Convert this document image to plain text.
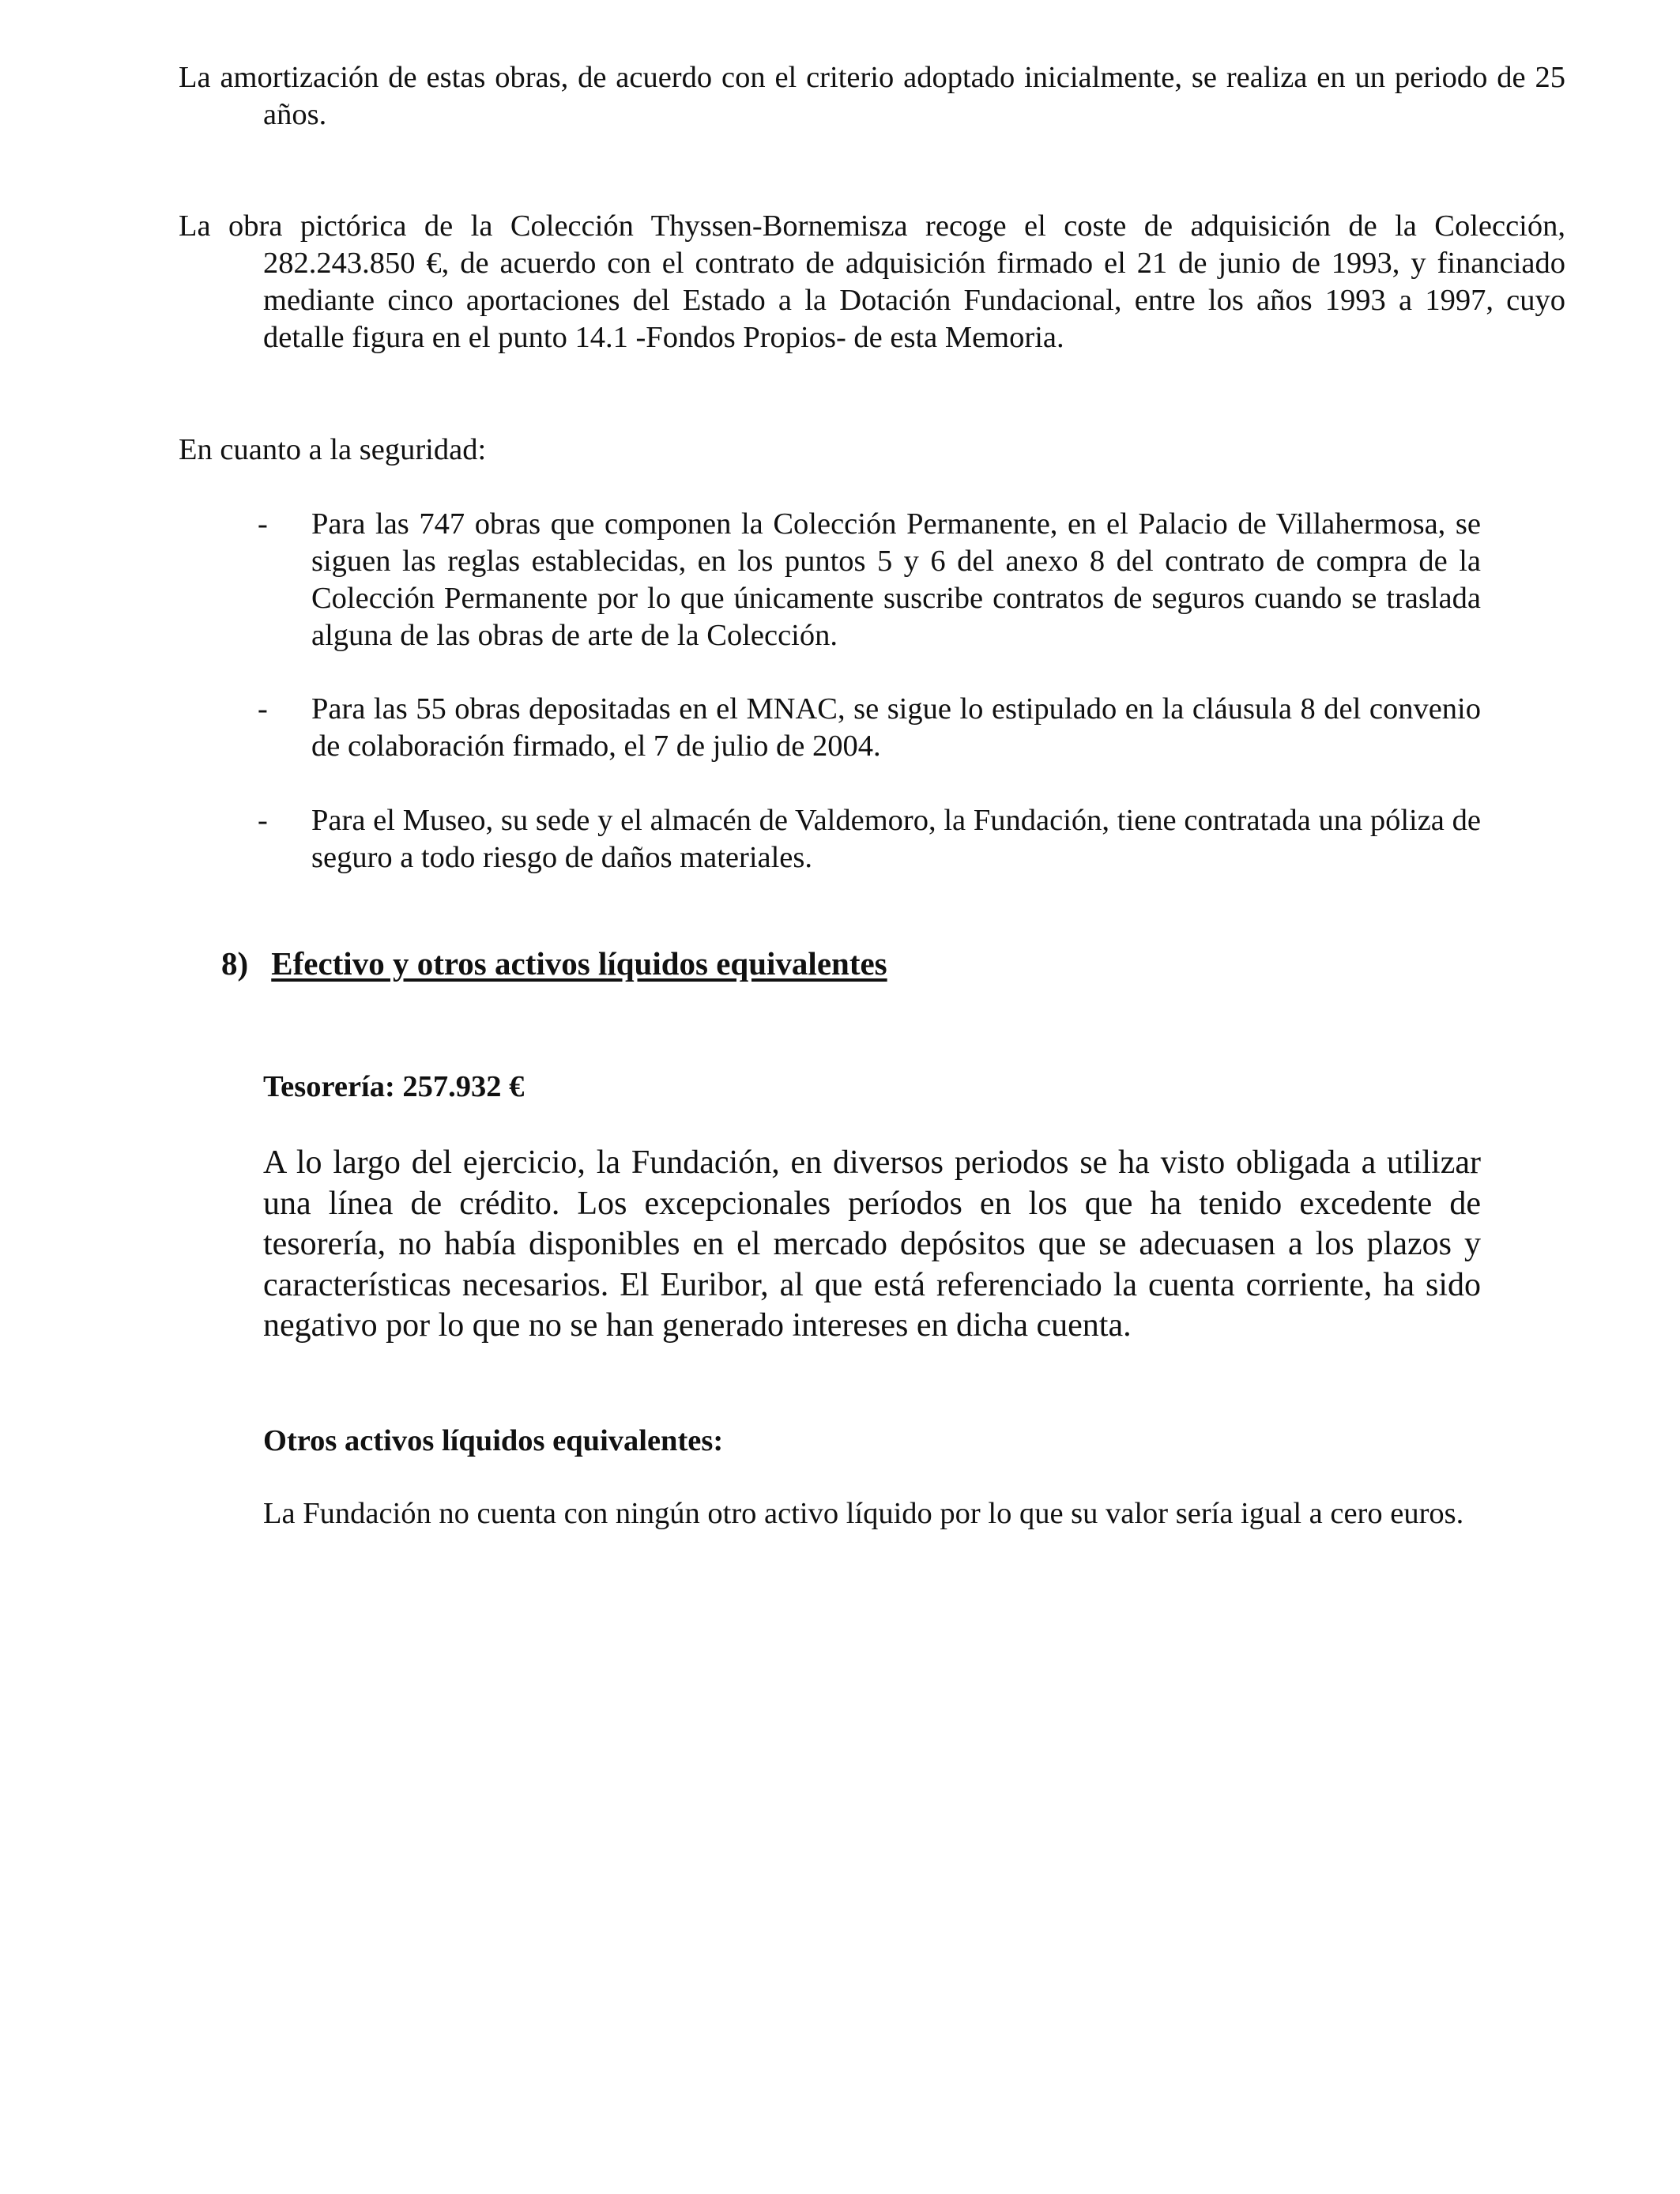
La amortización de estas obras, de acuerdo con el criterio adoptado inicialmente, se realiza en un periodo de 25 años.

La obra pictórica de la Colección Thyssen-Bornemisza recoge el coste de adquisición de la Colección, 282.243.850 €, de acuerdo con el contrato de adquisición firmado el 21 de junio de 1993, y financiado mediante cinco aportaciones del Estado a la Dotación Fundacional, entre los años 1993 a 1997, cuyo detalle figura en el punto 14.1 -Fondos Propios- de esta Memoria.

En cuanto a la seguridad:

- Para las 747 obras que componen la Colección Permanente, en el Palacio de Villahermosa, se siguen las reglas establecidas, en los puntos 5 y 6 del anexo 8 del contrato de compra de la Colección Permanente por lo que únicamente suscribe contratos de seguros cuando se traslada alguna de las obras de arte de la Colección.
- Para las 55 obras depositadas en el MNAC, se sigue lo estipulado en la cláusula 8 del convenio de colaboración firmado, el 7 de julio de 2004.
- Para el Museo, su sede y el almacén de Valdemoro, la Fundación, tiene contratada una póliza de seguro a todo riesgo de daños materiales.
8) Efectivo y otros activos líquidos equivalentes

Tesorería: 257.932 €

A lo largo del ejercicio, la Fundación, en diversos periodos se ha visto obligada a utilizar una línea de crédito. Los excepcionales períodos en los que ha tenido excedente de tesorería, no había disponibles en el mercado depósitos que se adecuasen a los plazos y características necesarios. El Euribor, al que está referenciado la cuenta corriente, ha sido negativo por lo que no se han generado intereses en dicha cuenta.

Otros activos líquidos equivalentes:

La Fundación no cuenta con ningún otro activo líquido por lo que su valor sería igual a cero euros.
